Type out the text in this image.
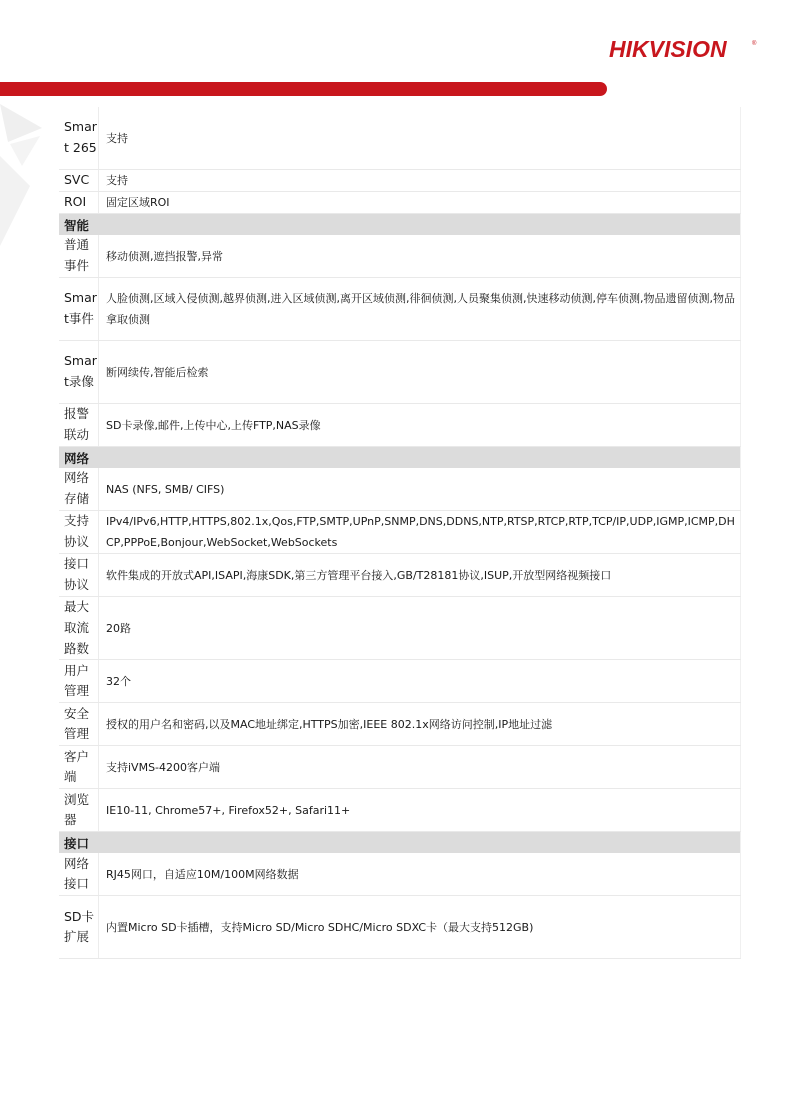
HIKVISION	®
Smart 265	支持
SVC	支持
ROI	固定区域ROI
智能	
普通事件	移动侦测,遮挡报警,异常
Smart事件	人脸侦测,区域入侵侦测,越界侦测,进入区域侦测,离开区域侦测,徘徊侦测,人员聚集侦测,快速移动侦测,停车侦测,物品遗留侦测,物品拿取侦测
Smart录像	断网续传,智能后检索
报警联动	SD卡录像,邮件,上传中心,上传FTP,NAS录像
网络	
网络存储	NAS (NFS, SMB/ CIFS)
支持协议	IPv4/IPv6,HTTP,HTTPS,802.1x,Qos,FTP,SMTP,UPnP,SNMP,DNS,DDNS,NTP,RTSP,RTCP,RTP,TCP/IP,UDP,IGMP,ICMP,DHCP,PPPoE,Bonjour,WebSocket,WebSockets
接口协议	软件集成的开放式API,ISAPI,海康SDK,第三方管理平台接入,GB/T28181协议,ISUP,开放型网络视频接口
最大取流路数	20路
用户管理	32个
安全管理	授权的用户名和密码,以及MAC地址绑定,HTTPS加密,IEEE 802.1x网络访问控制,IP地址过滤
客户端	支持iVMS-4200客户端
浏览器	IE10-11, Chrome57+, Firefox52+, Safari11+
接口	
网络接口	RJ45网口，自适应10M/100M网络数据
SD卡扩展	内置Micro SD卡插槽，支持Micro SD/Micro SDHC/Micro SDXC卡（最大支持512GB)
